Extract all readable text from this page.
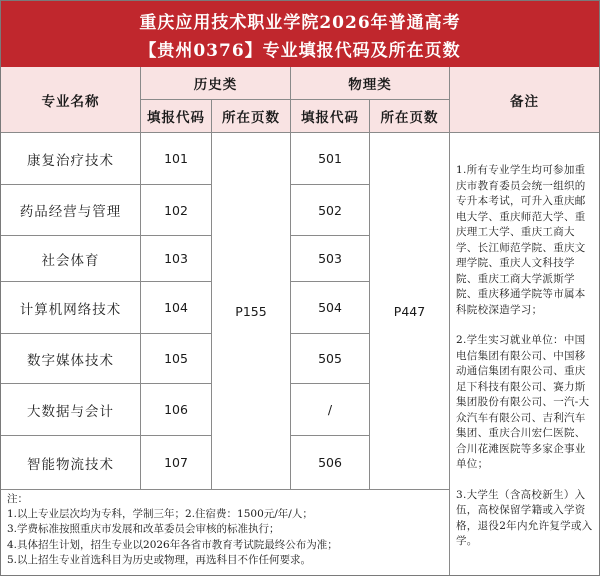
重庆应用技术职业学院2026年普通高考
【贵州0376】专业填报代码及所在页数
专业名称
历史类	物理类
填报代码	所在页数	填报代码	所在页数
备注
康复治疗技术	101	501
药品经营与管理	102	502
社会体育	103	503
计算机网络技术	104	504
数字媒体技术	105	505
大数据与会计	106	/
智能物流技术	107	506
P155	P447

1.所有专业学生均可参加重庆市教育委员会统一组织的专升本考试，可升入重庆邮电大学、重庆师范大学、重庆理工大学、重庆工商大学、长江师范学院、重庆文理学院、重庆人文科技学院、重庆工商大学派斯学院、重庆移通学院等市属本科院校深造学习；

2.学生实习就业单位：中国电信集团有限公司、中国移动通信集团有限公司、重庆足下科技有限公司、赛力斯集团股份有限公司、一汽-大众汽车有限公司、吉利汽车集团、重庆合川宏仁医院、合川花滩医院等多家企事业单位；

3.大学生（含高校新生）入伍，高校保留学籍或入学资格，退役2年内允许复学或入学。

注：
1.以上专业层次均为专科，学制三年；2.住宿费：1500元/年/人；
3.学费标准按照重庆市发展和改革委员会审核的标准执行；
4.具体招生计划，招生专业以2026年各省市教育考试院最终公布为准；
5.以上招生专业首选科目为历史或物理，再选科目不作任何要求。
